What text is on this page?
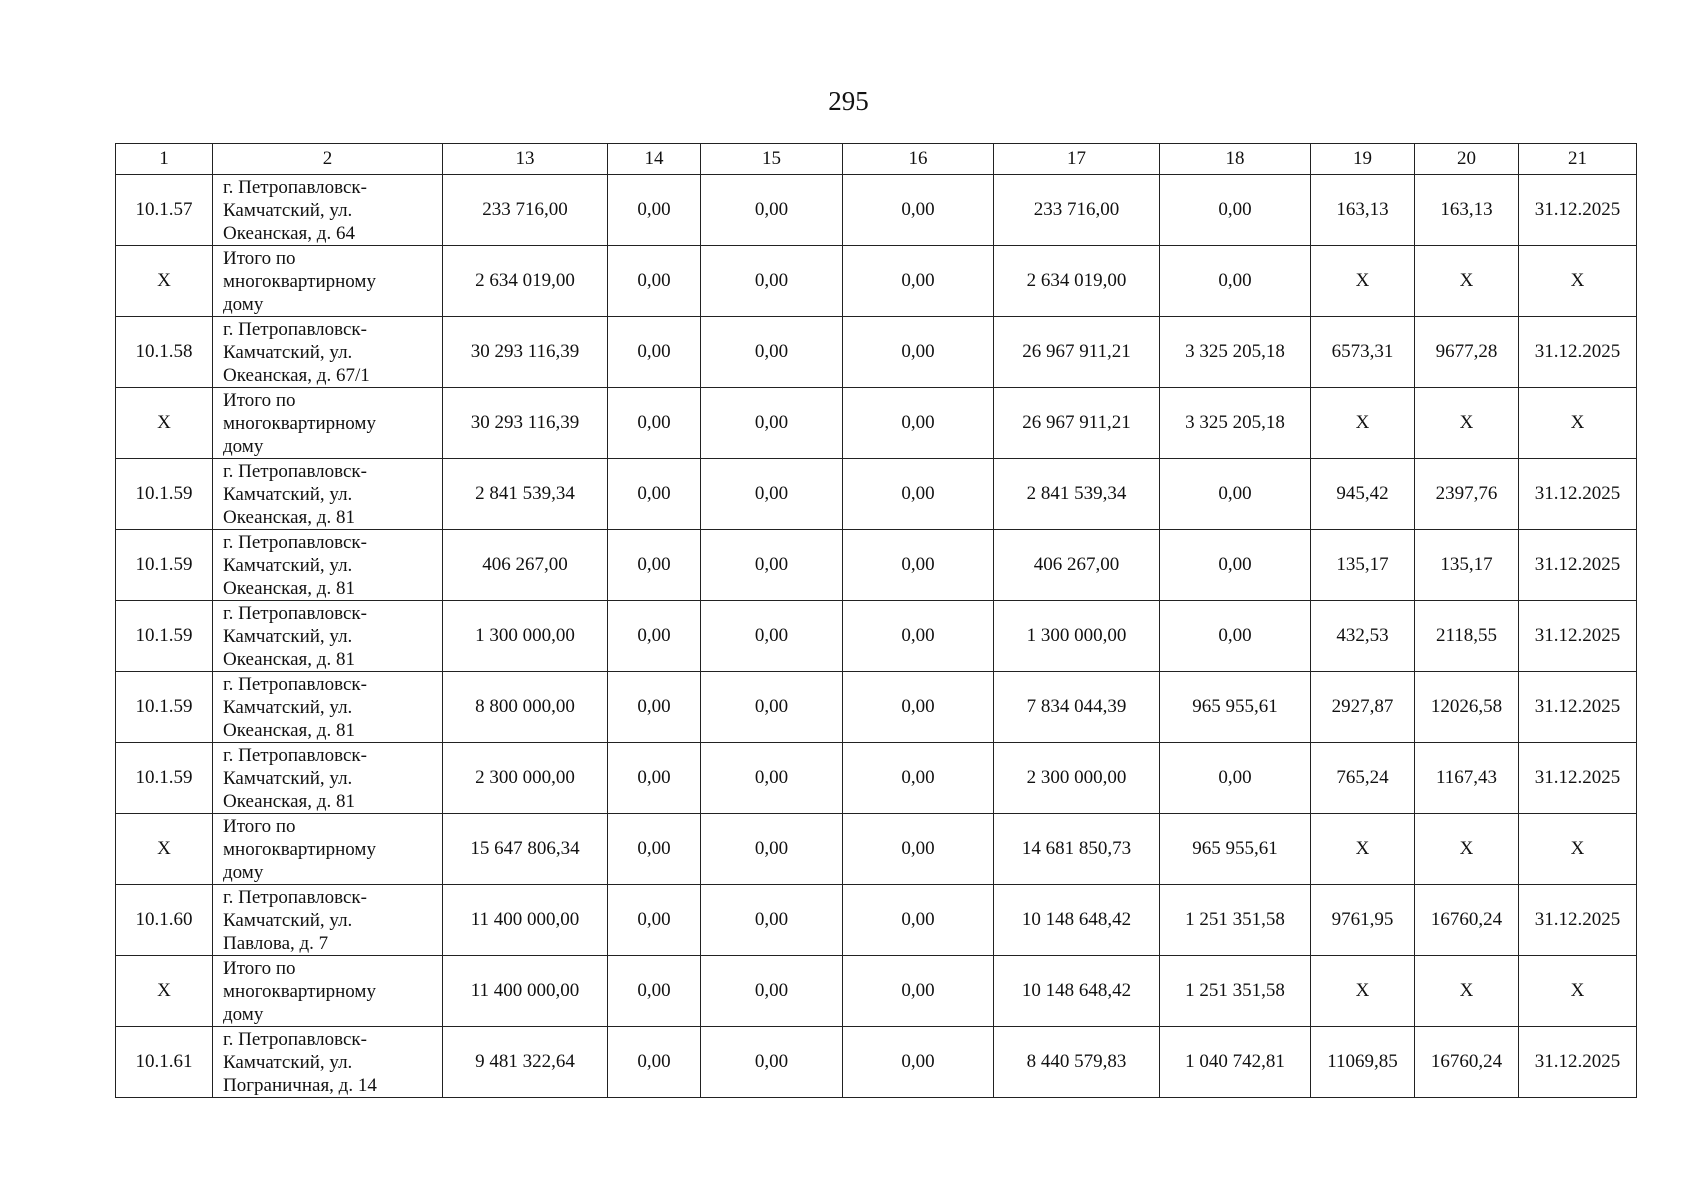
295
1	2	13	14	15	16	17	18	19	20	21
10.1.57	г. Петропавловск-
Камчатский, ул.
Океанская, д. 64	233 716,00	0,00	0,00	0,00	233 716,00	0,00	163,13	163,13	31.12.2025
Х	Итого по
многоквартирному
дому	2 634 019,00	0,00	0,00	0,00	2 634 019,00	0,00	Х	Х	Х
10.1.58	г. Петропавловск-
Камчатский, ул.
Океанская, д. 67/1	30 293 116,39	0,00	0,00	0,00	26 967 911,21	3 325 205,18	6573,31	9677,28	31.12.2025
Х	Итого по
многоквартирному
дому	30 293 116,39	0,00	0,00	0,00	26 967 911,21	3 325 205,18	Х	Х	Х
10.1.59	г. Петропавловск-
Камчатский, ул.
Океанская, д. 81	2 841 539,34	0,00	0,00	0,00	2 841 539,34	0,00	945,42	2397,76	31.12.2025
10.1.59	г. Петропавловск-
Камчатский, ул.
Океанская, д. 81	406 267,00	0,00	0,00	0,00	406 267,00	0,00	135,17	135,17	31.12.2025
10.1.59	г. Петропавловск-
Камчатский, ул.
Океанская, д. 81	1 300 000,00	0,00	0,00	0,00	1 300 000,00	0,00	432,53	2118,55	31.12.2025
10.1.59	г. Петропавловск-
Камчатский, ул.
Океанская, д. 81	8 800 000,00	0,00	0,00	0,00	7 834 044,39	965 955,61	2927,87	12026,58	31.12.2025
10.1.59	г. Петропавловск-
Камчатский, ул.
Океанская, д. 81	2 300 000,00	0,00	0,00	0,00	2 300 000,00	0,00	765,24	1167,43	31.12.2025
Х	Итого по
многоквартирному
дому	15 647 806,34	0,00	0,00	0,00	14 681 850,73	965 955,61	Х	Х	Х
10.1.60	г. Петропавловск-
Камчатский, ул.
Павлова, д. 7	11 400 000,00	0,00	0,00	0,00	10 148 648,42	1 251 351,58	9761,95	16760,24	31.12.2025
Х	Итого по
многоквартирному
дому	11 400 000,00	0,00	0,00	0,00	10 148 648,42	1 251 351,58	Х	Х	Х
10.1.61	г. Петропавловск-
Камчатский, ул.
Пограничная, д. 14	9 481 322,64	0,00	0,00	0,00	8 440 579,83	1 040 742,81	11069,85	16760,24	31.12.2025
